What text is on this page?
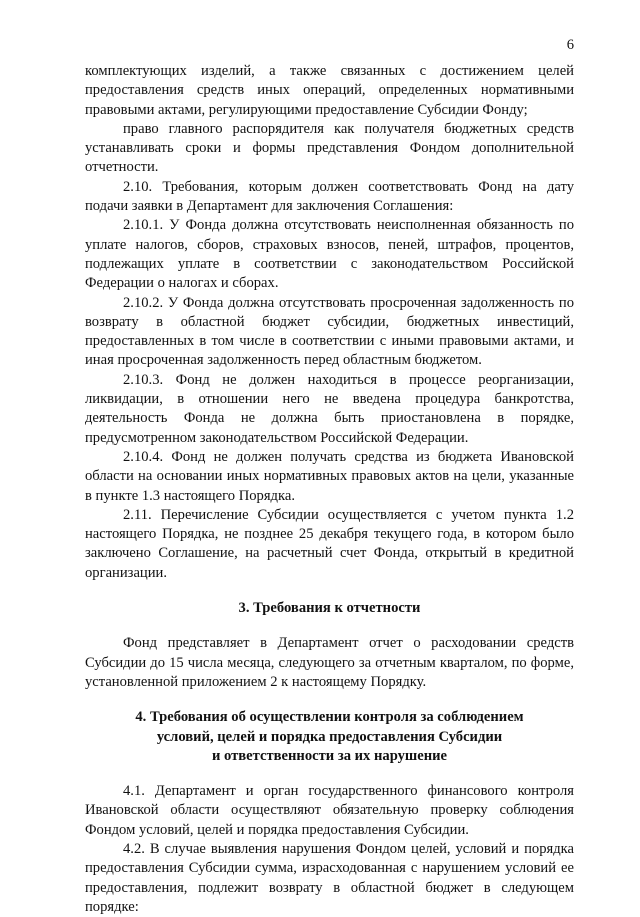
6

комплектующих изделий, а также связанных с достижением целей предоставления средств иных операций, определенных нормативными правовыми актами, регулирующими предоставление Субсидии Фонду;

право главного распорядителя как получателя бюджетных средств устанавливать сроки и формы представления Фондом дополнительной отчетности.

2.10. Требования, которым должен соответствовать Фонд на дату подачи заявки в Департамент для заключения Соглашения:

2.10.1. У Фонда должна отсутствовать неисполненная обязанность по уплате налогов, сборов, страховых взносов, пеней, штрафов, процентов, подлежащих уплате в соответствии с законодательством Российской Федерации о налогах и сборах.

2.10.2. У Фонда должна отсутствовать просроченная задолженность по возврату в областной бюджет субсидии, бюджетных инвестиций, предоставленных в том числе в соответствии с иными правовыми актами, и иная просроченная задолженность перед областным бюджетом.

2.10.3. Фонд не должен находиться в процессе реорганизации, ликвидации, в отношении него не введена процедура банкротства, деятельность Фонда не должна быть приостановлена в порядке, предусмотренном законодательством Российской Федерации.

2.10.4. Фонд не должен получать средства из бюджета Ивановской области на основании иных нормативных правовых актов на цели, указанные в пункте 1.3 настоящего Порядка.

2.11. Перечисление Субсидии осуществляется с учетом пункта 1.2 настоящего Порядка, не позднее 25 декабря текущего года, в котором было заключено Соглашение, на расчетный счет Фонда, открытый в кредитной организации.

3. Требования к отчетности

Фонд представляет в Департамент отчет о расходовании средств Субсидии до 15 числа месяца, следующего за отчетным кварталом, по форме, установленной приложением 2 к настоящему Порядку.

4. Требования об осуществлении контроля за соблюдением
условий, целей и порядка предоставления Субсидии
и ответственности за их нарушение

4.1. Департамент и орган государственного финансового контроля Ивановской области осуществляют обязательную проверку соблюдения Фондом условий, целей и порядка предоставления Субсидии.

4.2. В случае выявления нарушения Фондом целей, условий и порядка предоставления Субсидии сумма, израсходованная с нарушением условий ее предоставления, подлежит возврату в областной бюджет в следующем порядке:
